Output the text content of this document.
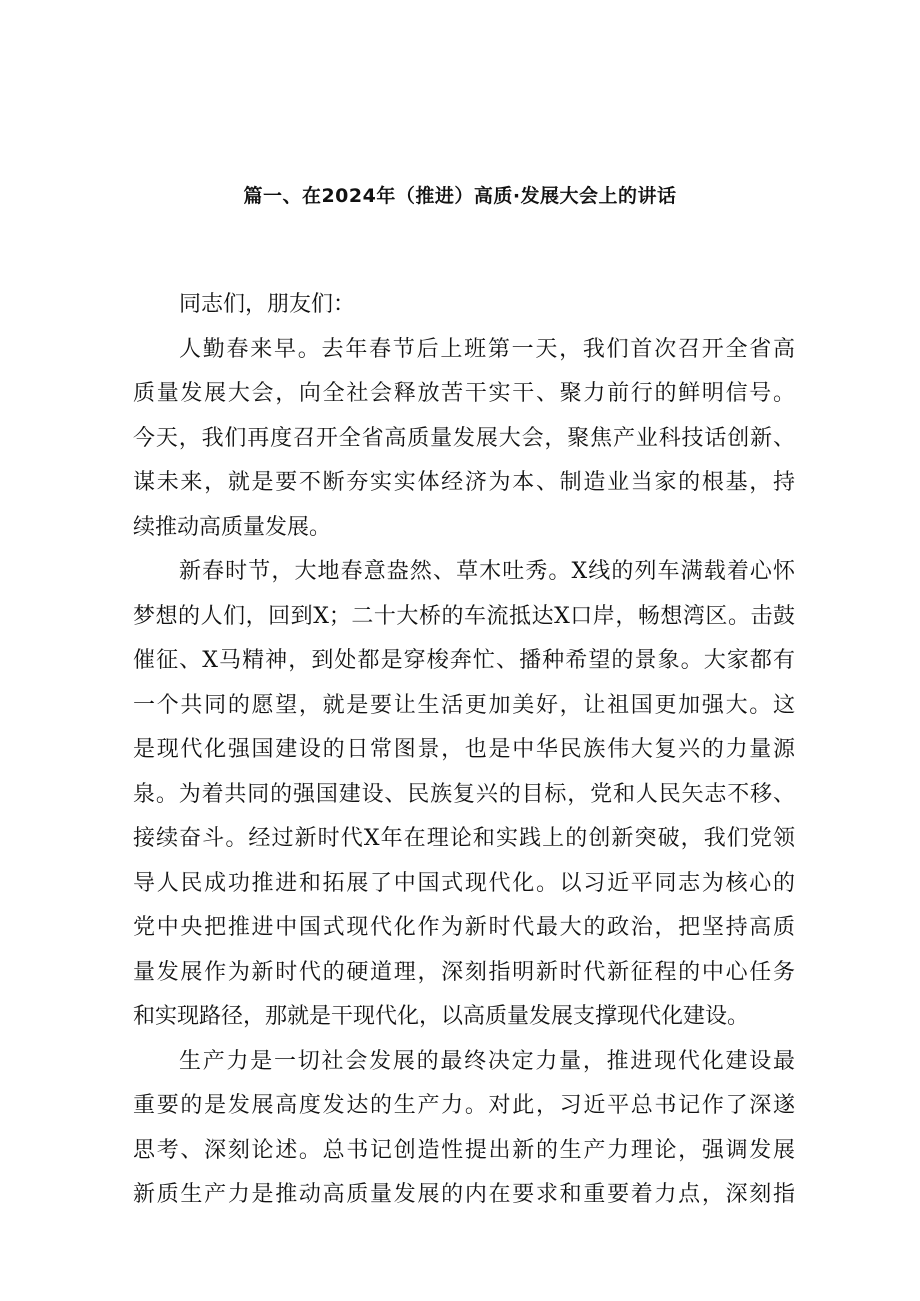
篇一、在2024年（推进）高质·发展大会上的讲话
同志们，朋友们：
人勤春来早。去年春节后上班第一天，我们首次召开全省高
质量发展大会，向全社会释放苦干实干、聚力前行的鲜明信号。
今天，我们再度召开全省高质量发展大会，聚焦产业科技话创新、
谋未来，就是要不断夯实实体经济为本、制造业当家的根基，持
续推动高质量发展。
新春时节，大地春意盎然、草木吐秀。X线的列车满载着心怀
梦想的人们，回到X；二十大桥的车流抵达X口岸，畅想湾区。击鼓
催征、X马精神，到处都是穿梭奔忙、播种希望的景象。大家都有
一个共同的愿望，就是要让生活更加美好，让祖国更加强大。这
是现代化强国建设的日常图景，也是中华民族伟大复兴的力量源
泉。为着共同的强国建设、民族复兴的目标，党和人民矢志不移、
接续奋斗。经过新时代X年在理论和实践上的创新突破，我们党领
导人民成功推进和拓展了中国式现代化。以习近平同志为核心的
党中央把推进中国式现代化作为新时代最大的政治，把坚持高质
量发展作为新时代的硬道理，深刻指明新时代新征程的中心任务
和实现路径，那就是干现代化，以高质量发展支撑现代化建设。
生产力是一切社会发展的最终决定力量，推进现代化建设最
重要的是发展高度发达的生产力。对此，习近平总书记作了深遂
思考、深刻论述。总书记创造性提出新的生产力理论，强调发展
新质生产力是推动高质量发展的内在要求和重要着力点，深刻指
